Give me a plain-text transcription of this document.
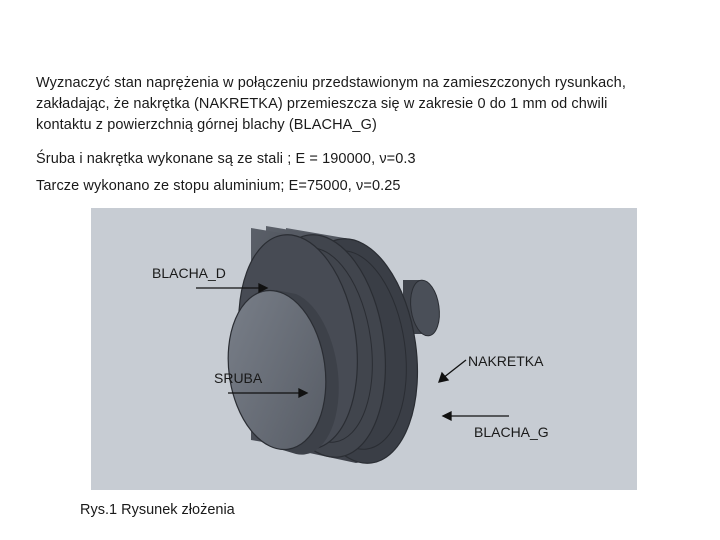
Wyznaczyć stan naprężenia w połączeniu przedstawionym na zamieszczonych rysunkach,
zakładając, że nakrętka (NAKRETKA) przemieszcza się w zakresie 0 do 1 mm od chwili
kontaktu z powierzchnią górnej blachy (BLACHA_G)

Śruba i nakrętka wykonane są ze stali ; E = 190000, ν=0.3

Tarcze wykonano ze stopu aluminium; E=75000, ν=0.25

BLACHA_D
SRUBA
NAKRETKA
BLACHA_G
Rys.1 Rysunek złożenia
